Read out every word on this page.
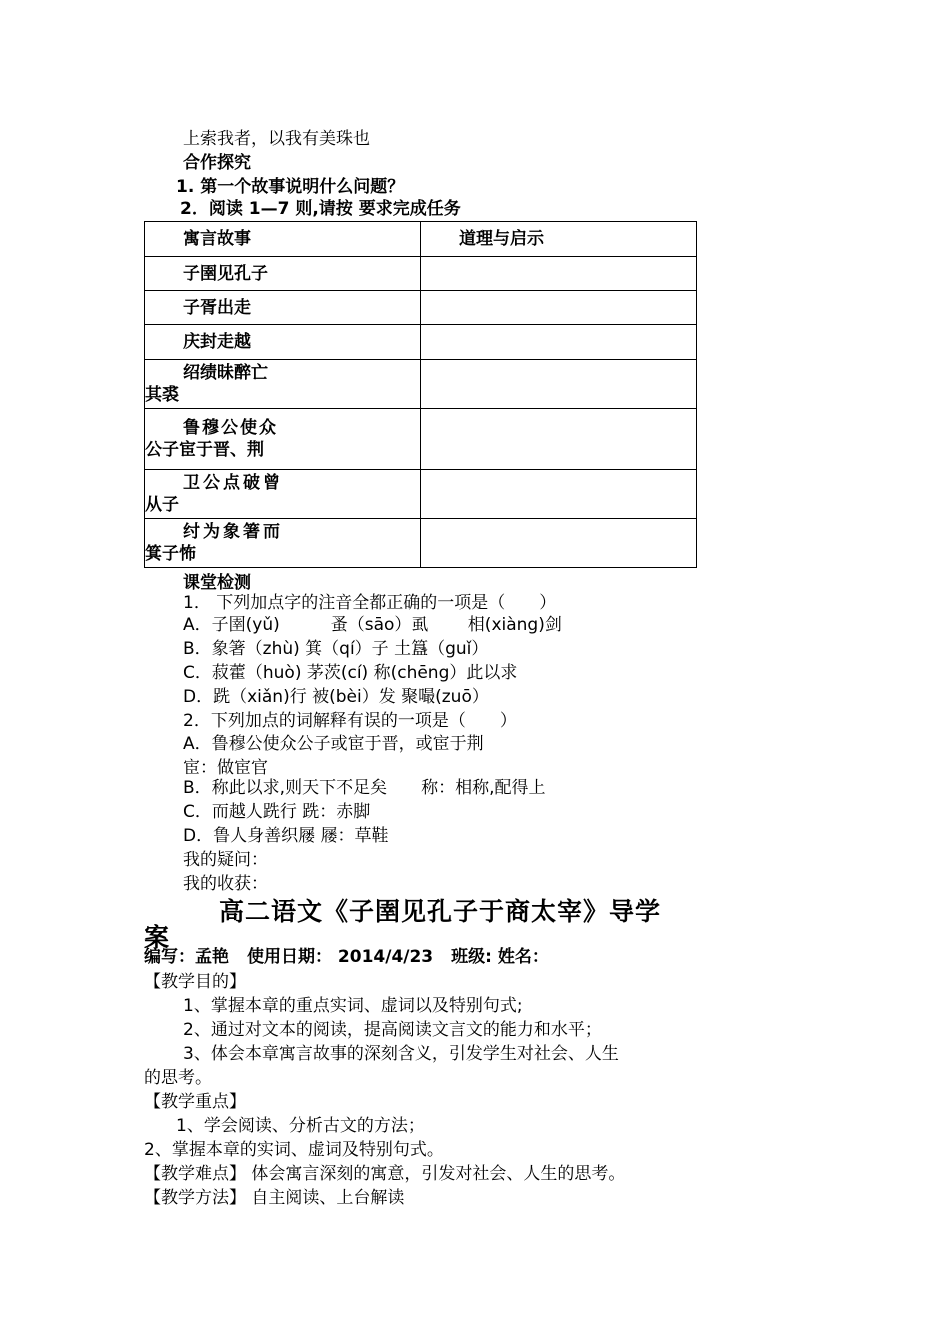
上索我者，以我有美珠也
合作探究
1. 第一个故事说明什么问题？
2．阅读 1—7 则,请按 要求完成任务
寓言故事	道理与启示

子圉见孔子	

子胥出走	

庆封走越	

绍绩昧醉亡
其裘	

鲁穆公使众
公子宦于晋、荆	

卫公点破曾
从子	

纣为象箸而
箕子怖	

课堂检测
1． 下列加点字的注音全都正确的一项是（　　）
A．子圉(yǔ)　　　蚤（sāo）虱　　 相(xiàng)剑
B．象箸（zhù) 箕（qí）子 土簋（guǐ）
C．菽藿（huò) 茅茨(cí) 称(chēng）此以求
D．跣（xiǎn)行 被(bèi）发 聚嘬(zuō）
2．下列加点的词解释有误的一项是（　　）
A．鲁穆公使众公子或宦于晋，或宦于荆
宦：做宦官
B．称此以求,则天下不足矣　　称：相称,配得上
C．而越人跣行 跣：赤脚
D．鲁人身善织屦 屦：草鞋
我的疑问：
我的收获：
高二语文《子圉见孔子于商太宰》导学
案
编写：孟艳 使用日期： 2014/4/23 班级: 姓名：
【教学目的】
1、掌握本章的重点实词、虚词以及特别句式;
2、通过对文本的阅读，提高阅读文言文的能力和水平；
3、体会本章寓言故事的深刻含义，引发学生对社会、人生
的思考。
【教学重点】
1、学会阅读、分析古文的方法；
2、掌握本章的实词、虚词及特别句式。
【教学难点】 体会寓言深刻的寓意，引发对社会、人生的思考。
【教学方法】 自主阅读、上台解读
